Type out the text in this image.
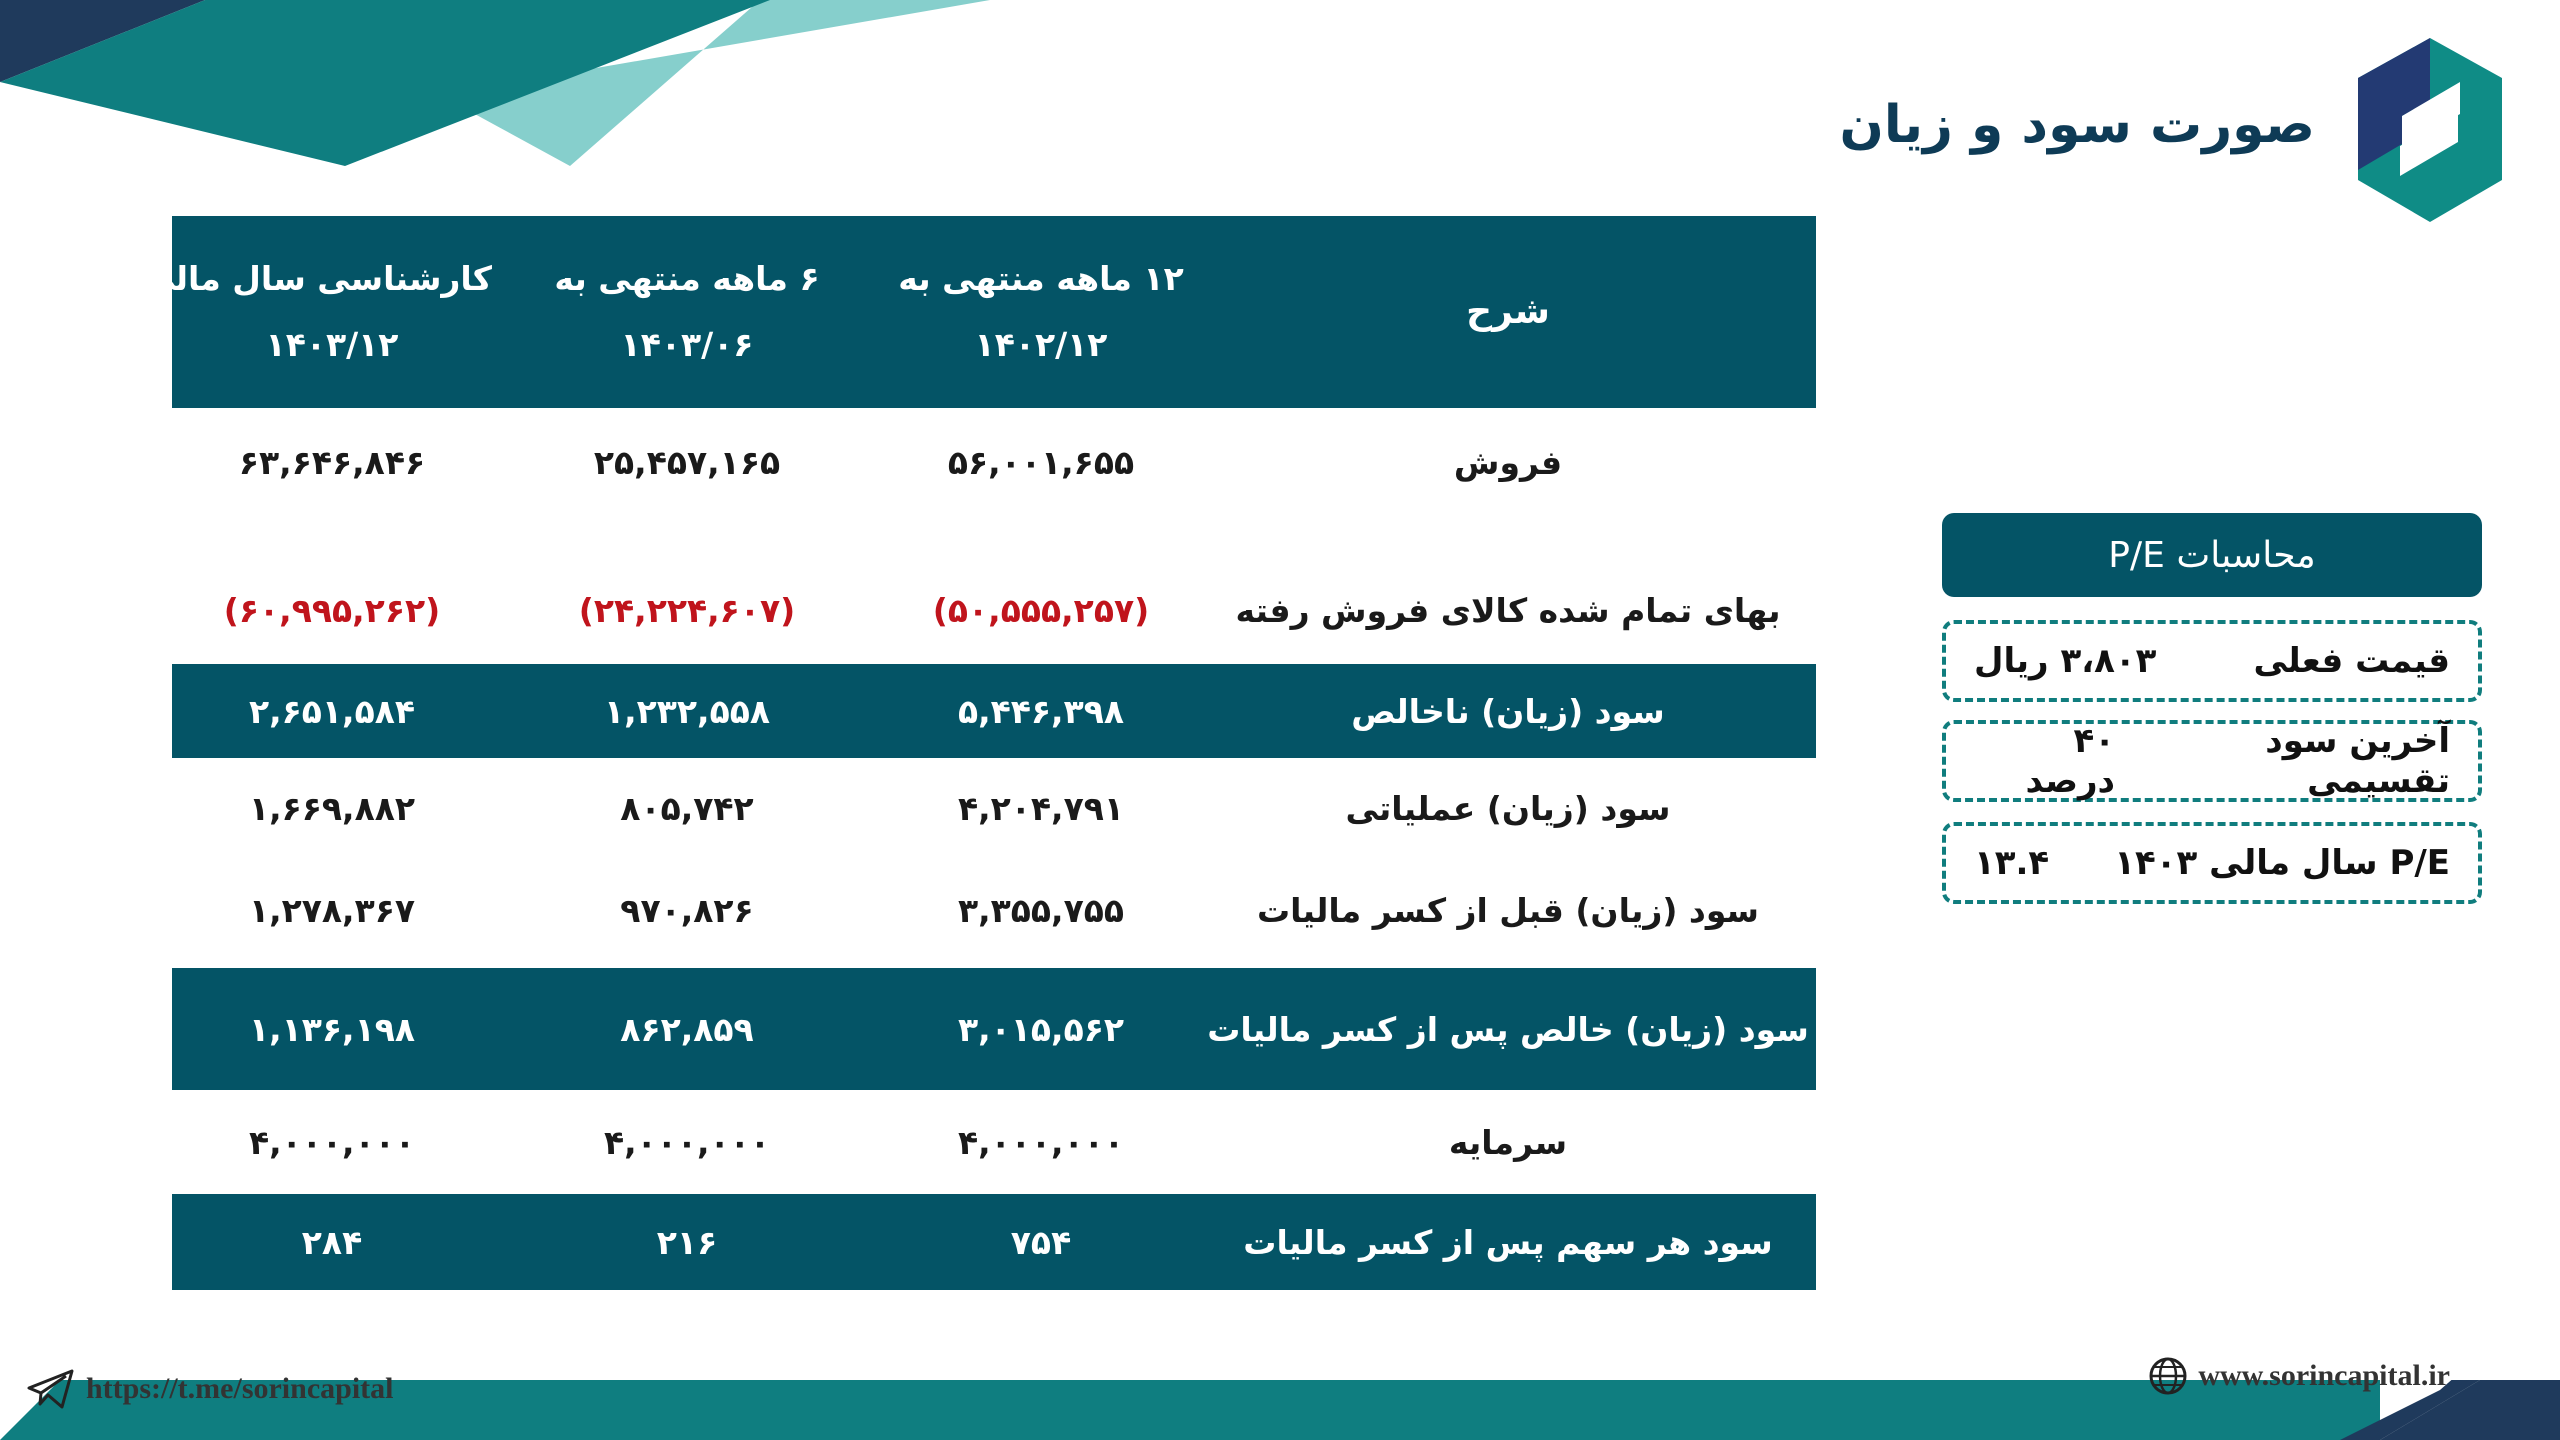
صورت سود و زیان
شرح
۱۲ ماهه منتهی به
۱۴۰۲/۱۲
۶ ماهه منتهی به
۱۴۰۳/۰۶
کارشناسی سال مالی
۱۴۰۳/۱۲
فروش
۵۶,۰۰۱,۶۵۵
۲۵,۴۵۷,۱۶۵
۶۳,۶۴۶,۸۴۶
بهای تمام شده کالای فروش رفته
(۵۰,۵۵۵,۲۵۷)
(۲۴,۲۲۴,۶۰۷)
(۶۰,۹۹۵,۲۶۲)
سود (زیان) ناخالص
۵,۴۴۶,۳۹۸
۱,۲۳۲,۵۵۸
۲,۶۵۱,۵۸۴
سود (زیان) عملیاتی
۴,۲۰۴,۷۹۱
۸۰۵,۷۴۲
۱,۶۶۹,۸۸۲
سود (زیان) قبل از کسر مالیات
۳,۳۵۵,۷۵۵
۹۷۰,۸۲۶
۱,۲۷۸,۳۶۷
سود (زیان) خالص پس از کسر مالیات
۳,۰۱۵,۵۶۲
۸۶۲,۸۵۹
۱,۱۳۶,۱۹۸
سرمایه
۴,۰۰۰,۰۰۰
۴,۰۰۰,۰۰۰
۴,۰۰۰,۰۰۰
سود هر سهم پس از کسر مالیات
۷۵۴
۲۱۶
۲۸۴
محاسبات P/E
قیمت فعلی
۳،۸۰۳ ریال
آخرین سود تقسیمی
۴۰ درصد
P/E سال مالی ۱۴۰۳
۱۳.۴
https://t.me/sorincapital	www.sorincapital.ir
